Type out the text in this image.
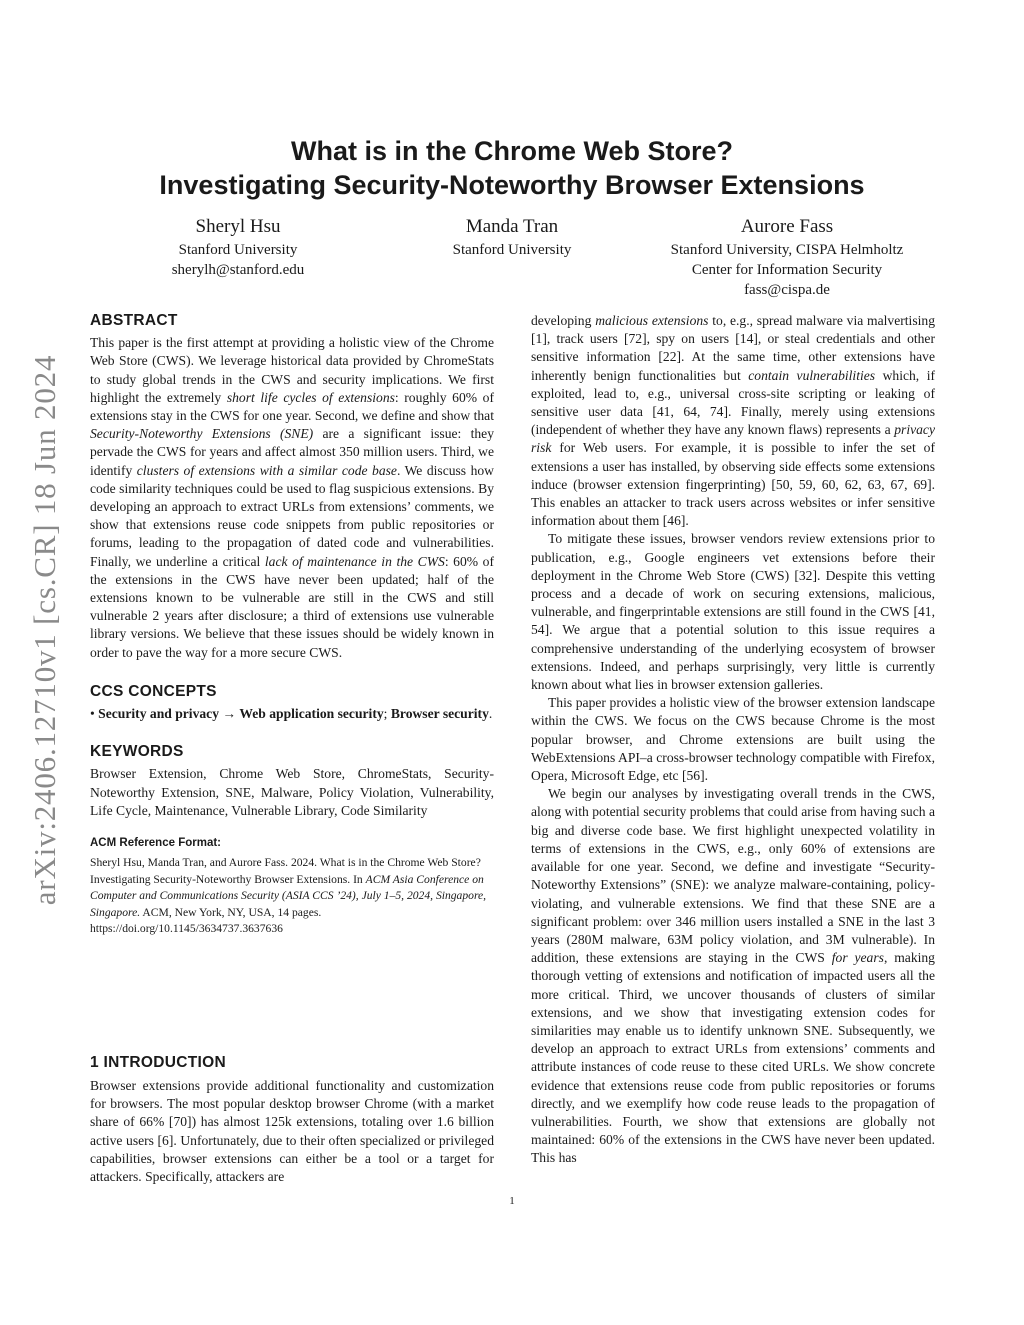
arXiv:2406.12710v1 [cs.CR] 18 Jun 2024
What is in the Chrome Web Store?
Investigating Security-Noteworthy Browser Extensions
Sheryl Hsu
Stanford University
sherylh@stanford.edu
Manda Tran
Stanford University
Aurore Fass
Stanford University, CISPA Helmholtz
Center for Information Security
fass@cispa.de
ABSTRACT

This paper is the first attempt at providing a holistic view of the Chrome Web Store (CWS). We leverage historical data provided by ChromeStats to study global trends in the CWS and security implications. We first highlight the extremely short life cycles of extensions: roughly 60% of extensions stay in the CWS for one year. Second, we define and show that Security-Noteworthy Extensions (SNE) are a significant issue: they pervade the CWS for years and affect almost 350 million users. Third, we identify clusters of extensions with a similar code base. We discuss how code similarity techniques could be used to flag suspicious extensions. By developing an approach to extract URLs from extensions’ comments, we show that extensions reuse code snippets from public repositories or forums, leading to the propagation of dated code and vulnerabilities. Finally, we underline a critical lack of maintenance in the CWS: 60% of the extensions in the CWS have never been updated; half of the extensions known to be vulnerable are still in the CWS and still vulnerable 2 years after disclosure; a third of extensions use vulnerable library versions. We believe that these issues should be widely known in order to pave the way for a more secure CWS.

CCS CONCEPTS

• Security and privacy → Web application security; Browser security.

KEYWORDS

Browser Extension, Chrome Web Store, ChromeStats, Security-Noteworthy Extension, SNE, Malware, Policy Violation, Vulnerability, Life Cycle, Maintenance, Vulnerable Library, Code Similarity

ACM Reference Format:

Sheryl Hsu, Manda Tran, and Aurore Fass. 2024. What is in the Chrome Web Store? Investigating Security-Noteworthy Browser Extensions. In ACM Asia Conference on Computer and Communications Security (ASIA CCS ’24), July 1–5, 2024, Singapore, Singapore. ACM, New York, NY, USA, 14 pages. https://doi.org/10.1145/3634737.3637636

1 INTRODUCTION

Browser extensions provide additional functionality and customization for browsers. The most popular desktop browser Chrome (with a market share of 66% [70]) has almost 125k extensions, totaling over 1.6 billion active users [6]. Unfortunately, due to their often specialized or privileged capabilities, browser extensions can either be a tool or a target for attackers. Specifically, attackers are

developing malicious extensions to, e.g., spread malware via malvertising [1], track users [72], spy on users [14], or steal credentials and other sensitive information [22]. At the same time, other extensions have inherently benign functionalities but contain vulnerabilities which, if exploited, lead to, e.g., universal cross-site scripting or leaking of sensitive user data [41, 64, 74]. Finally, merely using extensions (independent of whether they have any known flaws) represents a privacy risk for Web users. For example, it is possible to infer the set of extensions a user has installed, by observing side effects some extensions induce (browser extension fingerprinting) [50, 59, 60, 62, 63, 67, 69]. This enables an attacker to track users across websites or infer sensitive information about them [46].

To mitigate these issues, browser vendors review extensions prior to publication, e.g., Google engineers vet extensions before their deployment in the Chrome Web Store (CWS) [32]. Despite this vetting process and a decade of work on securing extensions, malicious, vulnerable, and fingerprintable extensions are still found in the CWS [41, 54]. We argue that a potential solution to this issue requires a comprehensive understanding of the underlying ecosystem of browser extensions. Indeed, and perhaps surprisingly, very little is currently known about what lies in browser extension galleries.

This paper provides a holistic view of the browser extension landscape within the CWS. We focus on the CWS because Chrome is the most popular browser, and Chrome extensions are built using the WebExtensions API–a cross-browser technology compatible with Firefox, Opera, Microsoft Edge, etc [56].

We begin our analyses by investigating overall trends in the CWS, along with potential security problems that could arise from having such a big and diverse code base. We first highlight unexpected volatility in terms of extensions in the CWS, e.g., only 60% of extensions are available for one year. Second, we define and investigate “Security-Noteworthy Extensions” (SNE): we analyze malware-containing, policy-violating, and vulnerable extensions. We find that these SNE are a significant problem: over 346 million users installed a SNE in the last 3 years (280M malware, 63M policy violation, and 3M vulnerable). In addition, these extensions are staying in the CWS for years, making thorough vetting of extensions and notification of impacted users all the more critical. Third, we uncover thousands of clusters of similar extensions, and we show that investigating extension codes for similarities may enable us to identify unknown SNE. Subsequently, we develop an approach to extract URLs from extensions’ comments and attribute instances of code reuse to these cited URLs. We show concrete evidence that extensions reuse code from public repositories or forums directly, and we exemplify how code reuse leads to the propagation of vulnerabilities. Fourth, we show that extensions are globally not maintained: 60% of the extensions in the CWS have never been updated. This has

1
